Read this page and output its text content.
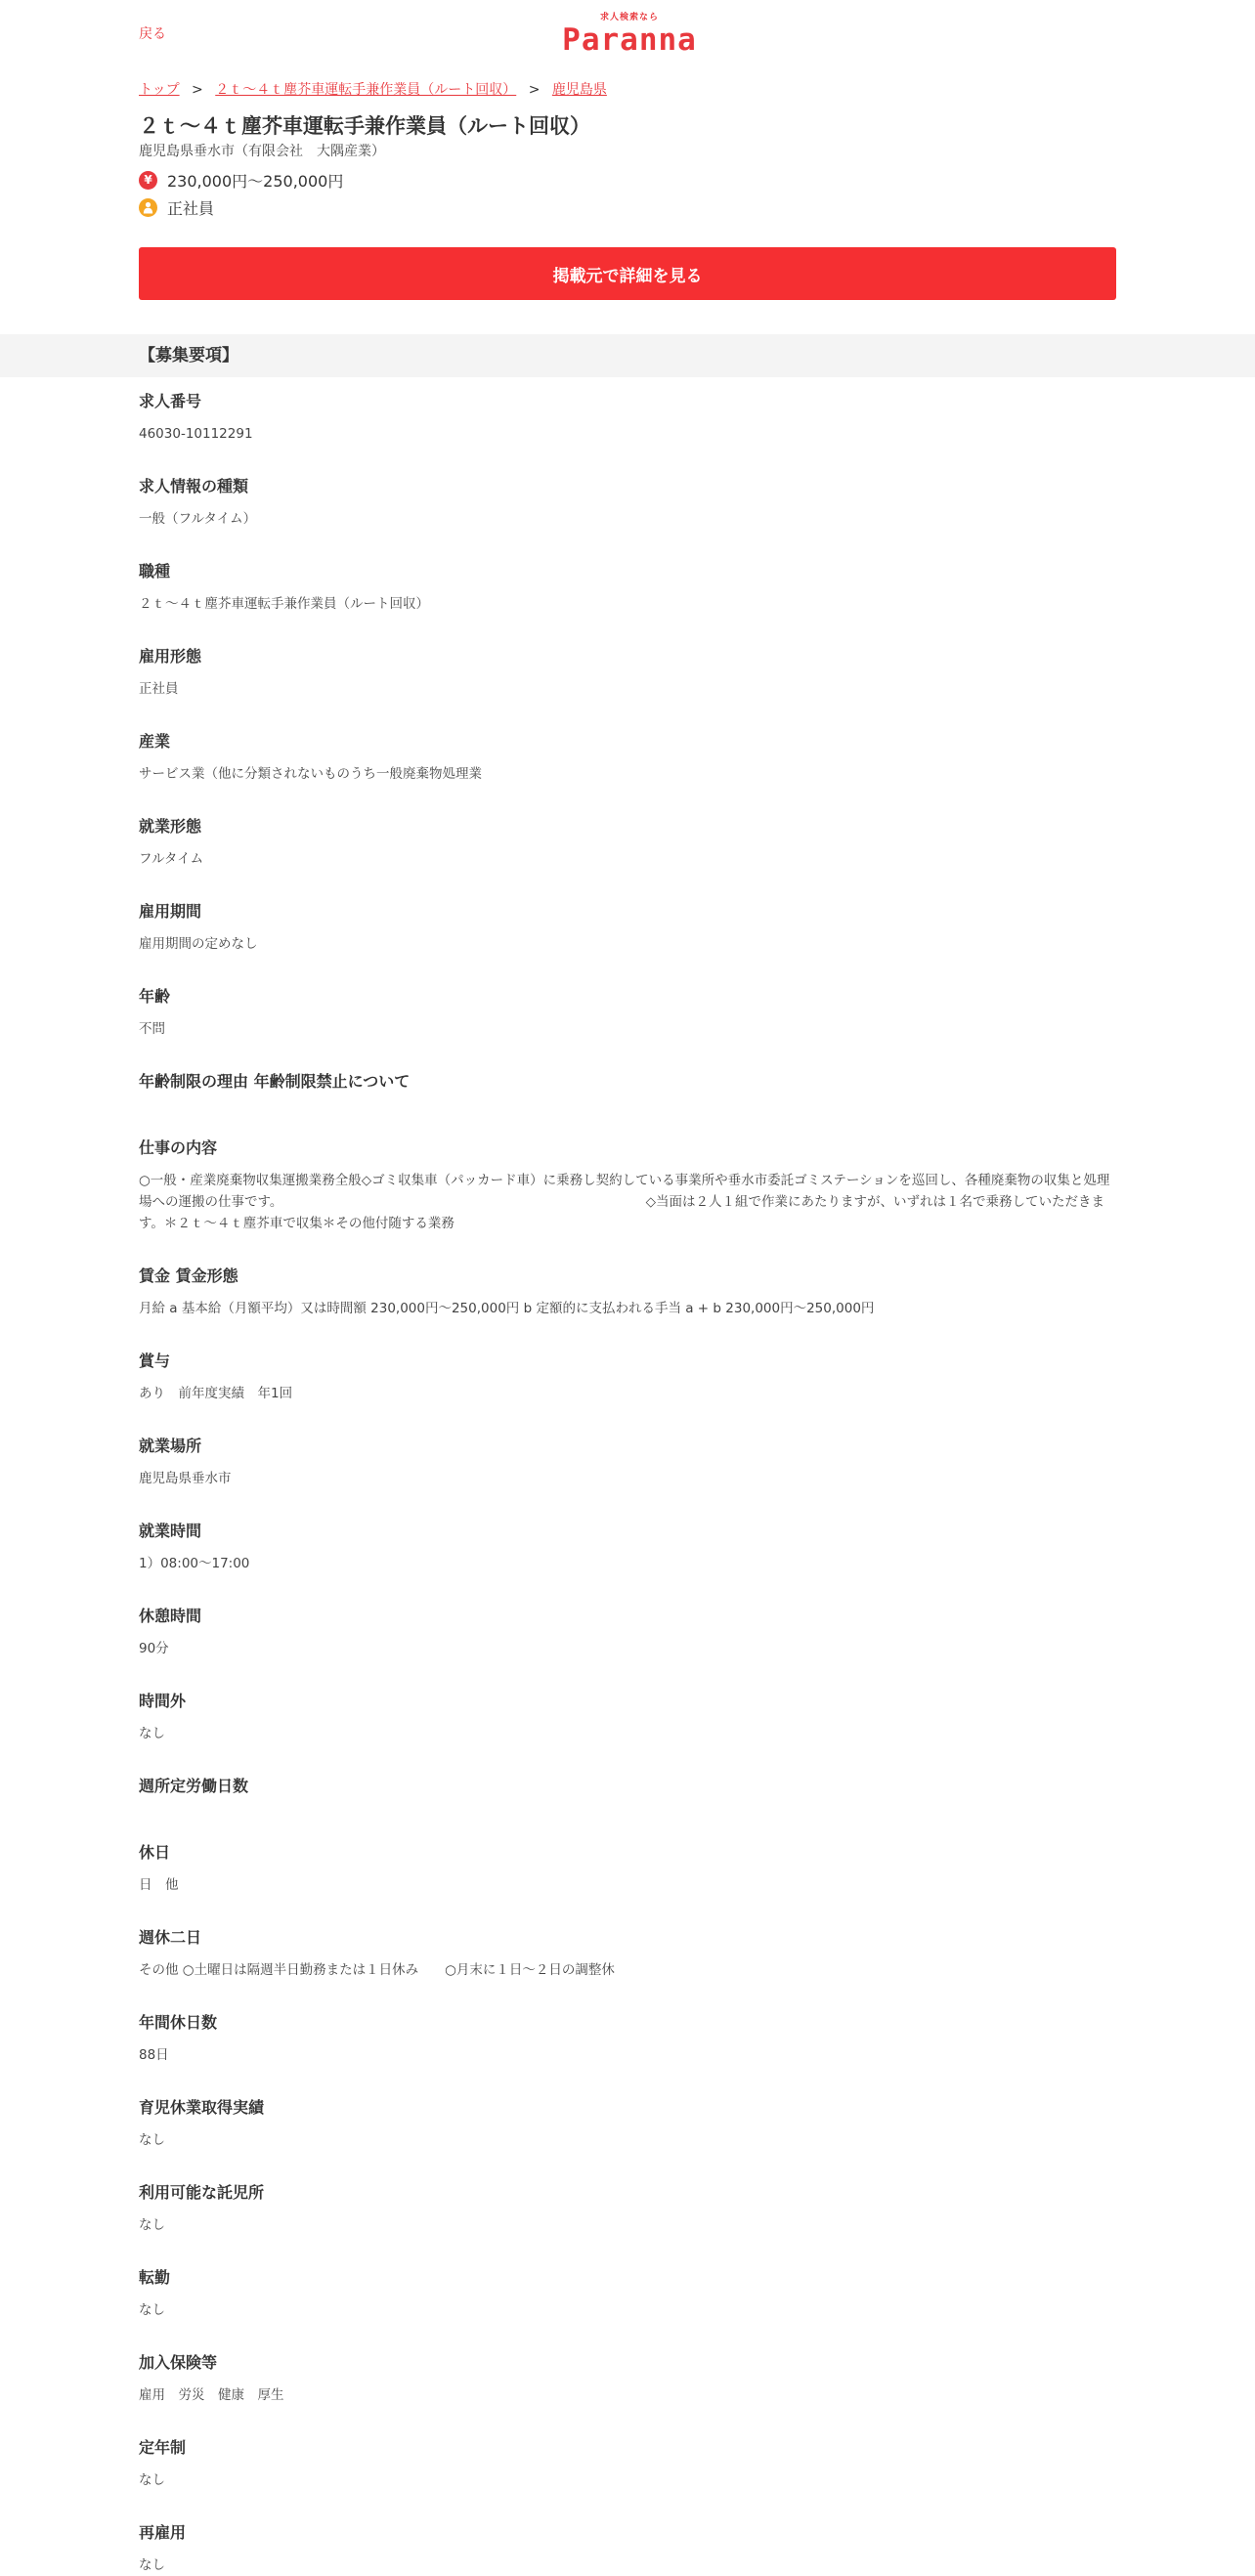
戻る
求人検索なら
Paranna
トップ > ２ｔ～４ｔ塵芥車運転手兼作業員（ルート回収） > 鹿児島県
２ｔ～４ｔ塵芥車運転手兼作業員（ルート回収）
鹿児島県垂水市（有限会社　大隅産業）
¥ 230,000円～250,000円
正社員
掲載元で詳細を見る
【募集要項】
求人番号
46030-10112291
求人情報の種類
一般（フルタイム）
職種
２ｔ～４ｔ塵芥車運転手兼作業員（ルート回収）
雇用形態
正社員
産業
サービス業（他に分類されないものうち一般廃棄物処理業
就業形態
フルタイム
雇用期間
雇用期間の定めなし
年齢
不問
年齢制限の理由 年齢制限禁止について
仕事の内容
○一般・産業廃棄物収集運搬業務全般◇ゴミ収集車（パッカード車）に乗務し契約している事業所や垂水市委託ゴミステーションを巡回し、各種廃棄物の収集と処理場への運搬の仕事です。　　　　　　　　　　　　　　　　　　　　　　　　　　　　◇当面は２人１組で作業にあたりますが、いずれは１名で乗務していただきます。＊２ｔ～４ｔ塵芥車で収集＊その他付随する業務
賃金 賃金形態
月給 a 基本給（月額平均）又は時間額 230,000円～250,000円 b 定額的に支払われる手当 a + b 230,000円～250,000円
賞与
あり　前年度実績　年1回
就業場所
鹿児島県垂水市
就業時間
1）08:00～17:00
休憩時間
90分
時間外
なし
週所定労働日数
休日
日　他
週休二日
その他 ○土曜日は隔週半日勤務または１日休み　　○月末に１日～２日の調整休
年間休日数
88日
育児休業取得実績
なし
利用可能な託児所
なし
転勤
なし
加入保険等
雇用　労災　健康　厚生
定年制
なし
再雇用
なし
